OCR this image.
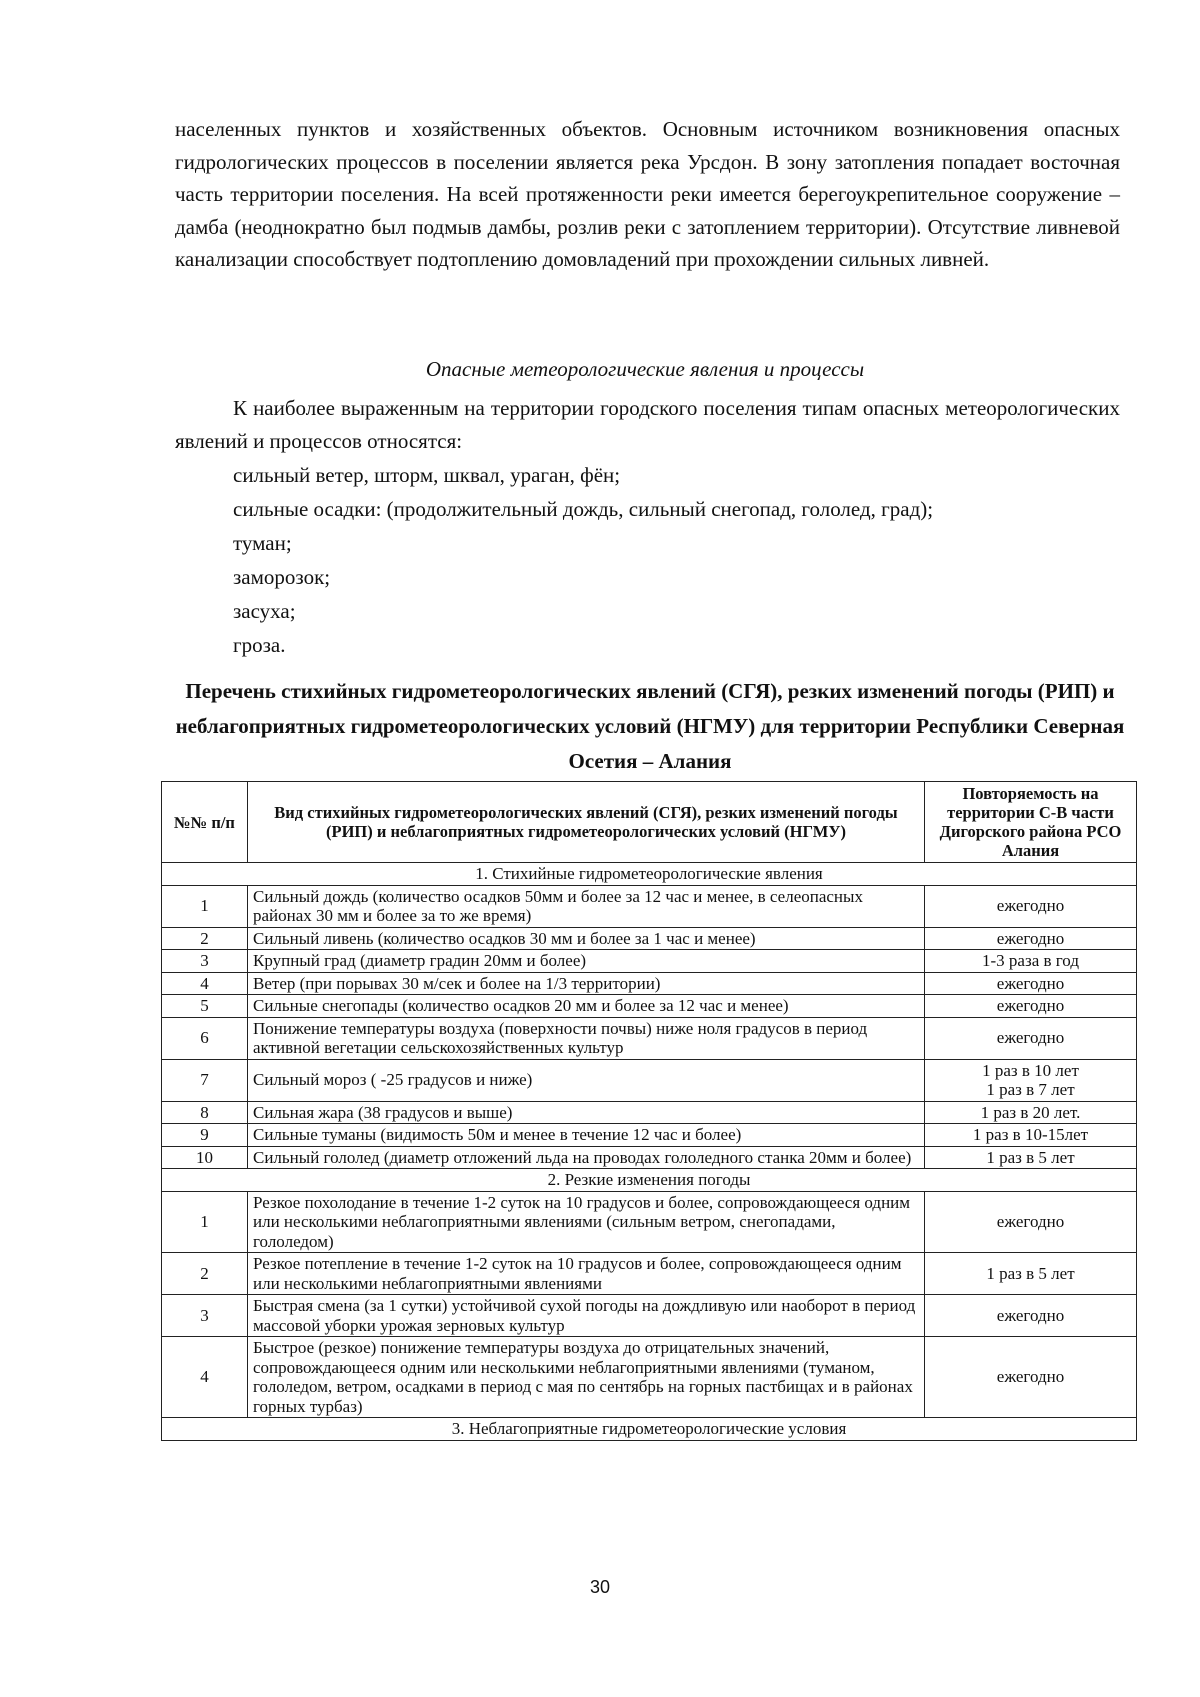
населенных пунктов и хозяйственных объектов. Основным источником возникновения опасных гидрологических процессов в поселении является река Урсдон. В зону затопления попадает восточная часть территории поселения. На всей протяженности реки имеется берегоукрепительное сооружение – дамба (неоднократно был подмыв дамбы, розлив реки с затоплением территории). Отсутствие ливневой канализации способствует подтоплению домовладений при прохождении сильных ливней.

Опасные метеорологические явления и процессы

К наиболее выраженным на территории городского поселения типам опасных метеорологических явлений и процессов относятся:

сильный ветер, шторм, шквал, ураган, фён;
сильные осадки: (продолжительный дождь, сильный снегопад, гололед, град);
туман;
заморозок;
засуха;
гроза.

Перечень стихийных гидрометеорологических явлений (СГЯ), резких изменений погоды (РИП) и неблагоприятных гидрометеорологических условий (НГМУ) для территории Республики Северная Осетия – Алания

№№ п/п	Вид стихийных гидрометеорологических явлений (СГЯ), резких изменений погоды (РИП) и неблагоприятных гидрометеорологических условий (НГМУ)	Повторяемость на территории С-В части Дигорского района РСО Алания
1. Стихийные гидрометеорологические явления		
1	Сильный дождь (количество осадков 50мм и более за 12 час и менее, в селеопасных районах 30 мм и более за то же время)	ежегодно
2	Сильный ливень (количество осадков 30 мм и более за 1 час и менее)	ежегодно
3	Крупный град (диаметр градин 20мм и более)	1-3 раза в год
4	Ветер (при порывах 30 м/сек и более на 1/3 территории)	ежегодно
5	Сильные снегопады (количество осадков 20 мм и более за 12 час и менее)	ежегодно
6	Понижение температуры воздуха (поверхности почвы) ниже ноля градусов в период активной вегетации сельскохозяйственных культур	ежегодно
7	Сильный мороз ( -25 градусов и ниже)	1 раз в 10 лет
1 раз в 7 лет

8	Сильная жара (38 градусов и выше)	1 раз в 20 лет.
9	Сильные туманы (видимость 50м и менее в течение 12 час и более)	1 раз в 10-15лет
10	Сильный гололед (диаметр отложений льда на проводах гололедного станка 20мм и более)	1 раз в 5 лет
2. Резкие изменения погоды		
1	Резкое похолодание в течение 1-2 суток на 10 градусов и более, сопровождающееся одним или несколькими неблагоприятными явлениями (сильным ветром, снегопадами, гололедом)	ежегодно
2	Резкое потепление в течение 1-2 суток на 10 градусов и более, сопровождающееся одним или несколькими неблагоприятными явлениями	1 раз в 5 лет
3	Быстрая смена (за 1 сутки) устойчивой сухой погоды на дождливую или наоборот в период массовой уборки урожая зерновых культур	ежегодно
4	Быстрое (резкое) понижение температуры воздуха до отрицательных значений, сопровождающееся одним или несколькими неблагоприятными явлениями (туманом, гололедом, ветром, осадками в период с мая по сентябрь на горных пастбищах и в районах горных турбаз)	ежегодно
3. Неблагоприятные гидрометеорологические условия		

30
